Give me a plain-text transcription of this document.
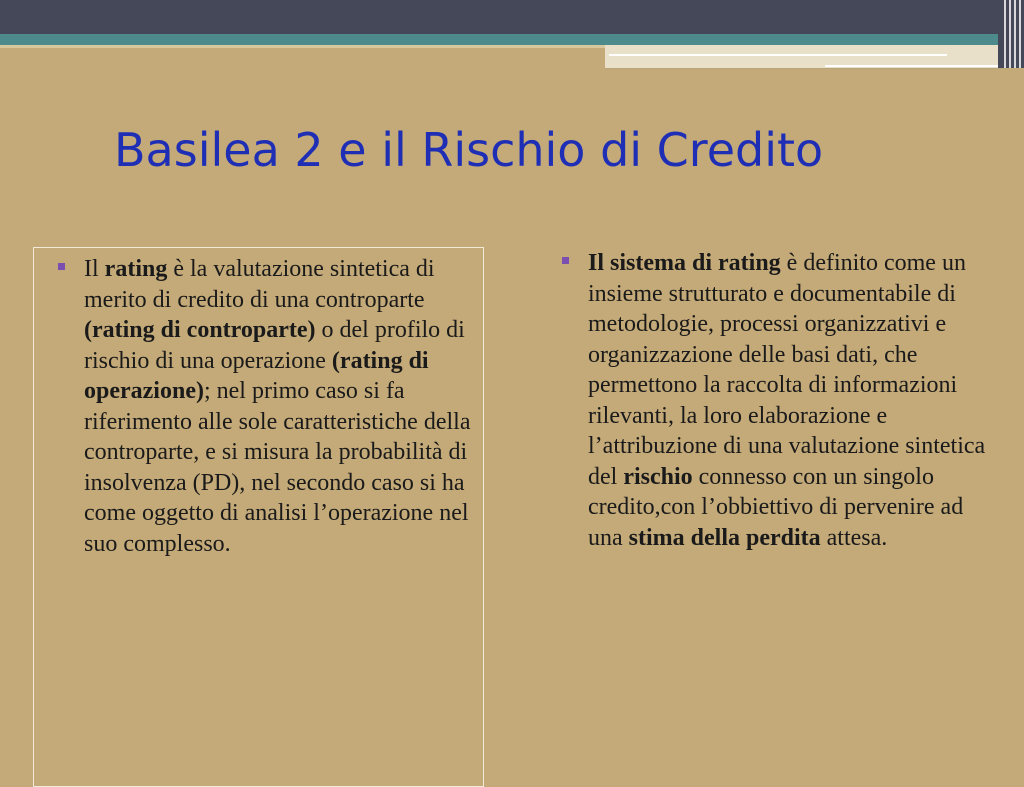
Basilea 2 e il Rischio di Credito
Il rating è la valutazione sintetica di merito di credito di una controparte (rating di controparte) o del profilo di rischio di una operazione (rating di operazione); nel primo caso si fa riferimento alle sole caratteristiche della controparte, e si misura la probabilità di insolvenza (PD), nel secondo caso si ha come oggetto di analisi l’operazione nel suo complesso.
Il sistema di rating è definito come un insieme strutturato e documentabile di metodologie, processi organizzativi e organizzazione delle basi dati, che permettono la raccolta di informazioni rilevanti, la loro elaborazione e l’attribuzione di una valutazione sintetica del rischio connesso con un singolo credito,con l’obbiettivo di pervenire ad una stima della perdita attesa.
